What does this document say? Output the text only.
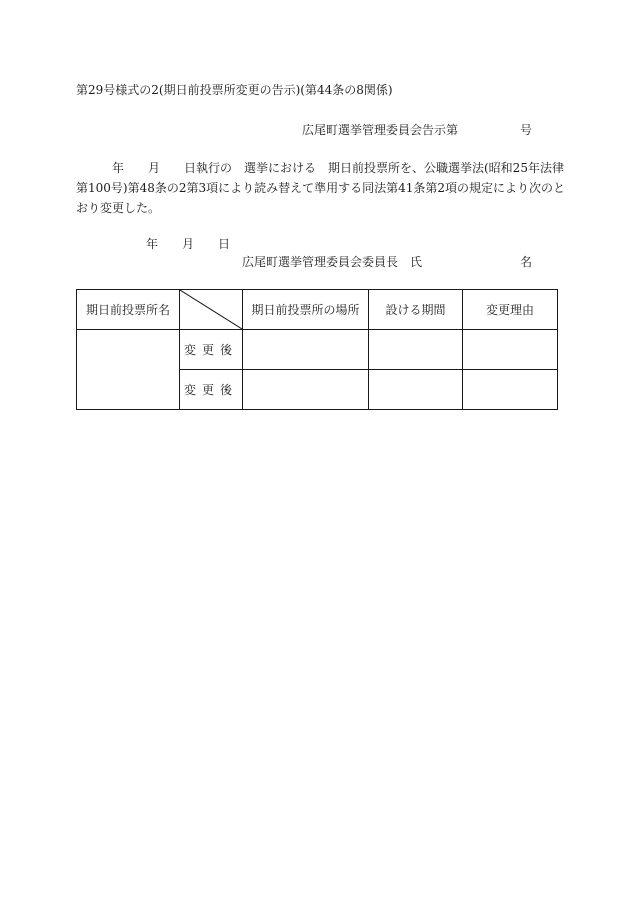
第29号様式の2(期日前投票所変更の告示)(第44条の8関係)
広尾町選挙管理委員会告示第	号
年　　月　　日執行の　選挙における　期日前投票所を、公職選挙法(昭和25年法律
第100号)第48条の2第3項により読み替えて準用する同法第41条第2項の規定により次のと
おり変更した。
年 月 日
広尾町選挙管理委員会委員長 氏	名
期日前投票所名		期日前投票所の場所	設ける期間	変更理由
	変更後			
	変更後			
